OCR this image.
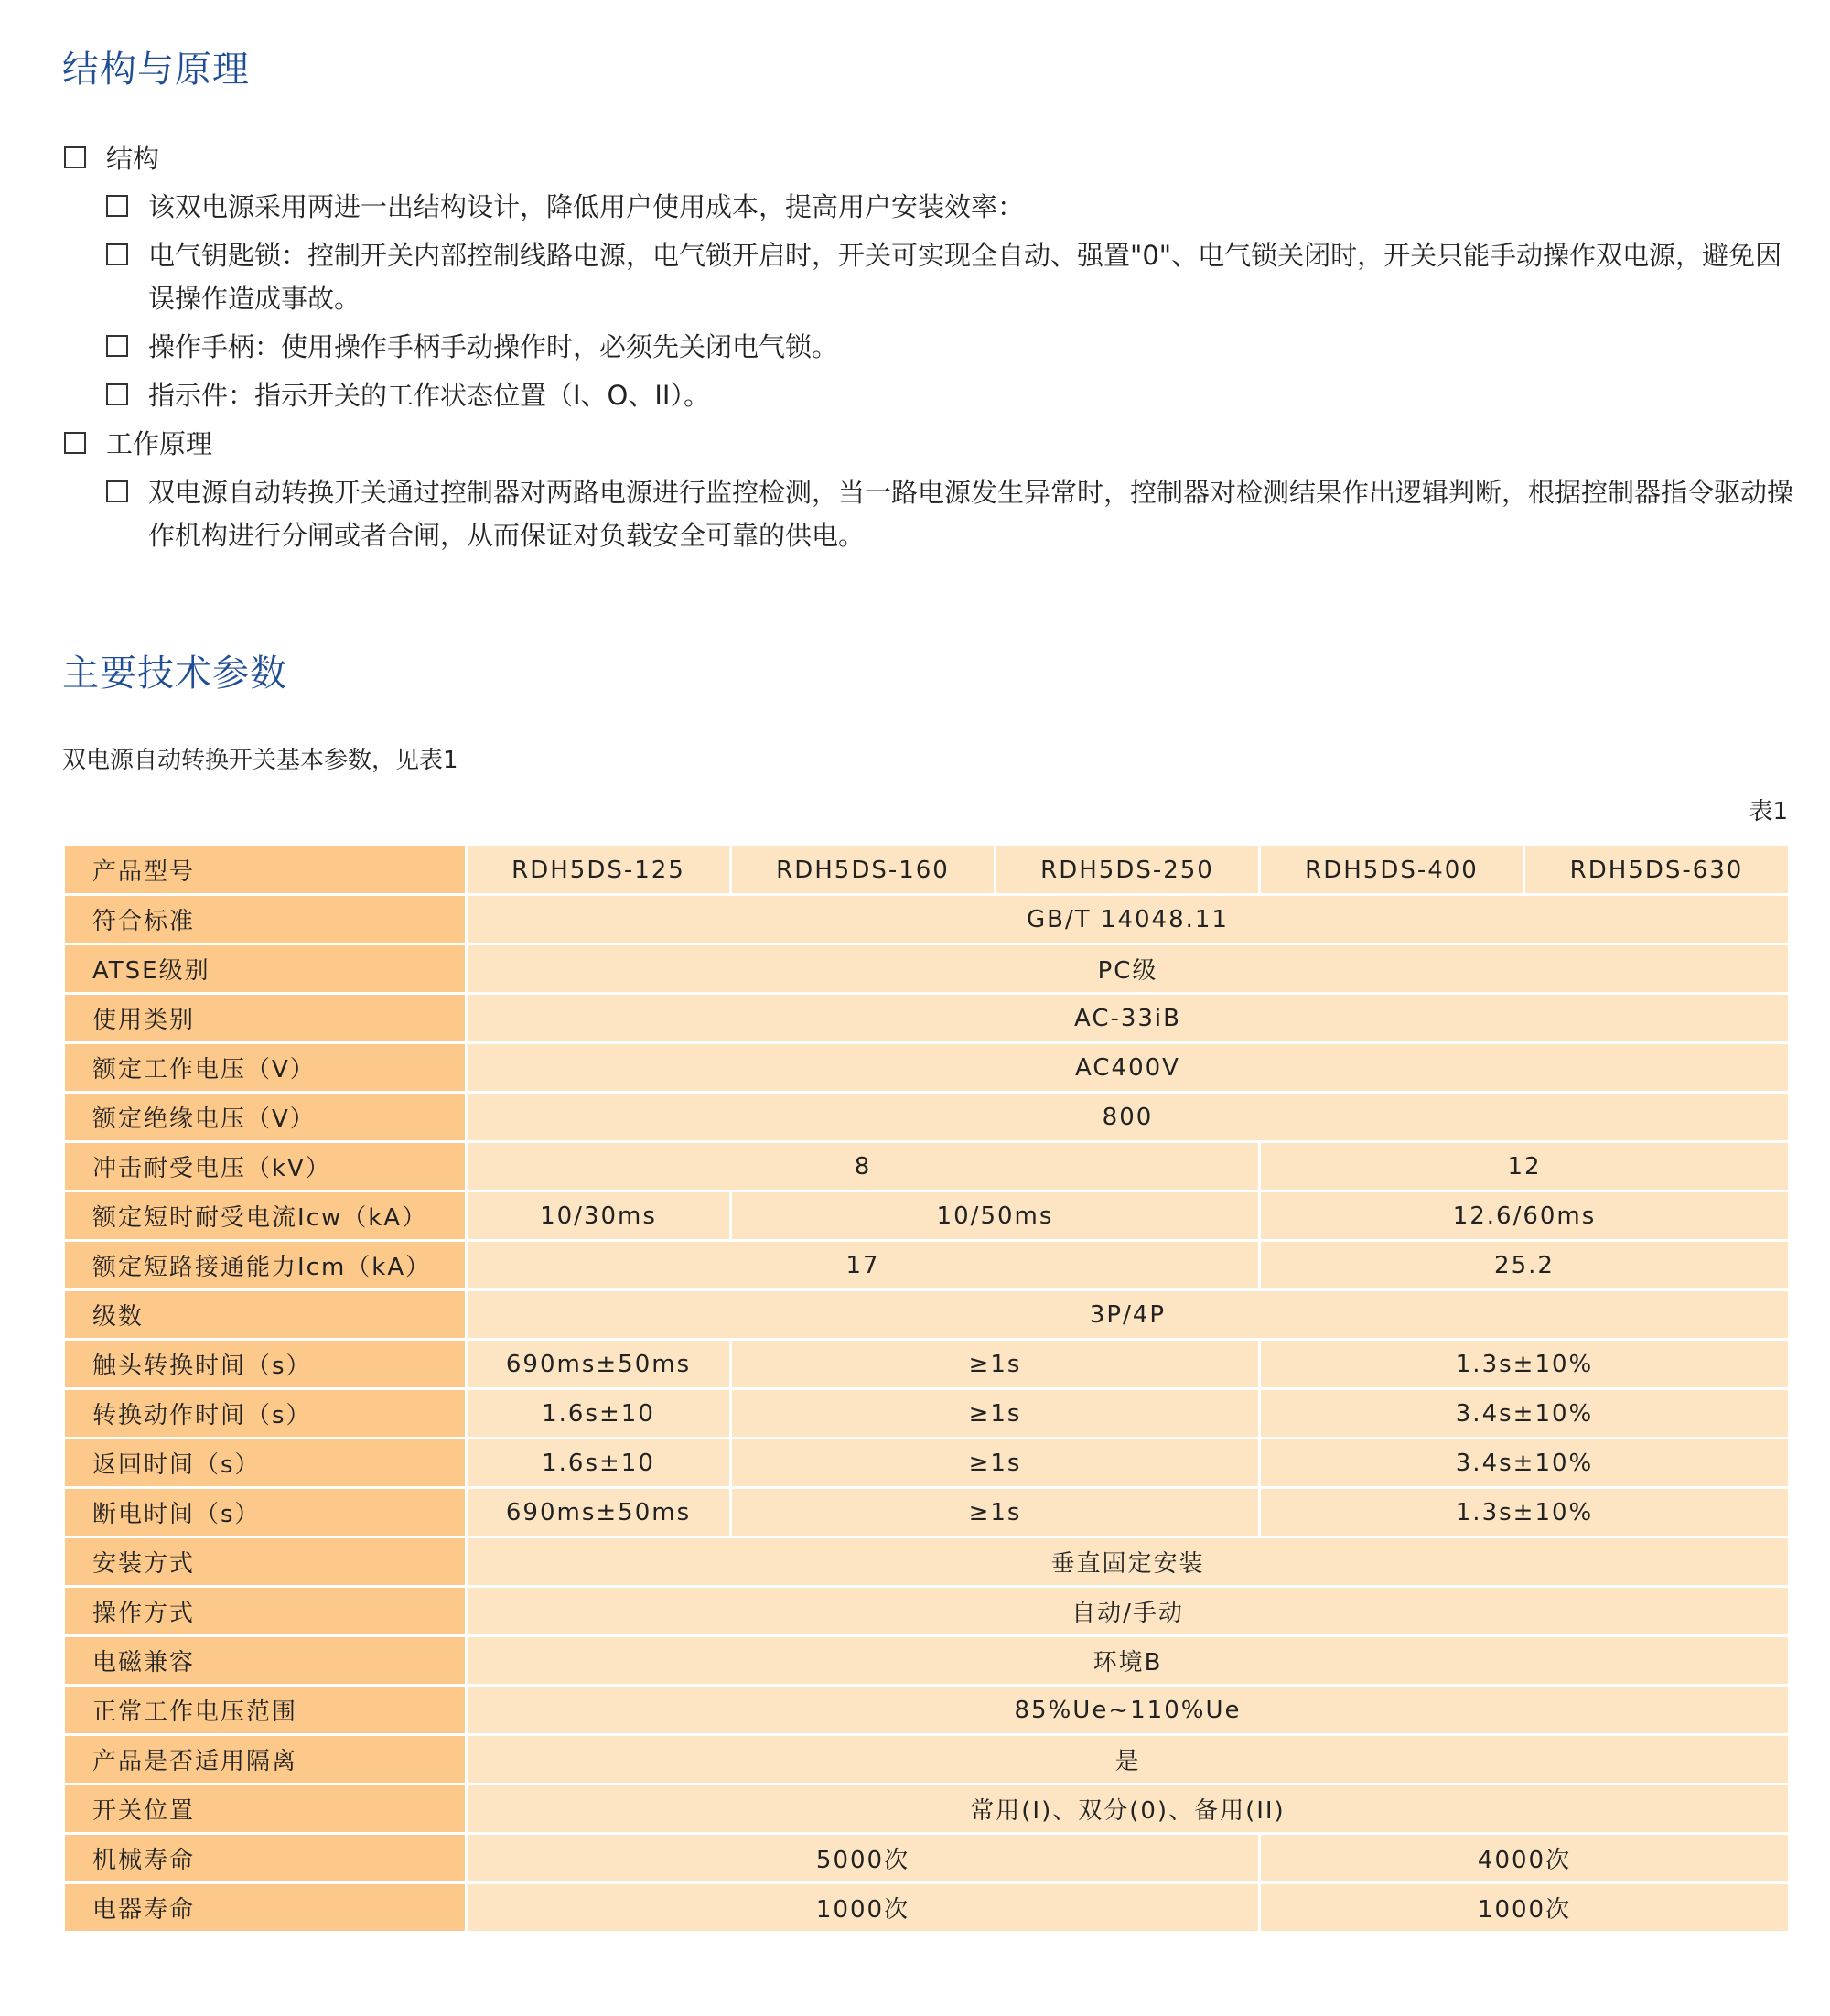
结构与原理
结构
该双电源采用两进一出结构设计，降低用户使用成本，提高用户安装效率：
电气钥匙锁：控制开关内部控制线路电源，电气锁开启时，开关可实现全自动、强置"0"、电气锁关闭时，开关只能手动操作双电源，避免因误操作造成事故。
操作手柄：使用操作手柄手动操作时，必须先关闭电气锁。
指示件：指示开关的工作状态位置（I、O、II）。
工作原理
双电源自动转换开关通过控制器对两路电源进行监控检测，当一路电源发生异常时，控制器对检测结果作出逻辑判断，根据控制器指令驱动操作机构进行分闸或者合闸，从而保证对负载安全可靠的供电。
主要技术参数
双电源自动转换开关基本参数，见表1
表1
产品型号	RDH5DS-125	RDH5DS-160	RDH5DS-250	RDH5DS-400	RDH5DS-630
符合标准	GB/T 14048.11				
ATSE级别	PC级				
使用类别	AC-33iB				
额定工作电压（V）	AC400V				
额定绝缘电压（V）	800				
冲击耐受电压（kV）	8			12	
额定短时耐受电流Icw（kA）	10/30ms	10/50ms		12.6/60ms	
额定短路接通能力Icm（kA）	17			25.2	
级数	3P/4P				
触头转换时间（s）	690ms±50ms	≥1s		1.3s±10%	
转换动作时间（s）	1.6s±10	≥1s		3.4s±10%	
返回时间（s）	1.6s±10	≥1s		3.4s±10%	
断电时间（s）	690ms±50ms	≥1s		1.3s±10%	
安装方式	垂直固定安装				
操作方式	自动/手动				
电磁兼容	环境B				
正常工作电压范围	85%Ue~110%Ue				
产品是否适用隔离	是				
开关位置	常用(I)、双分(0)、备用(II)				
机械寿命	5000次			4000次	
电器寿命	1000次			1000次	
